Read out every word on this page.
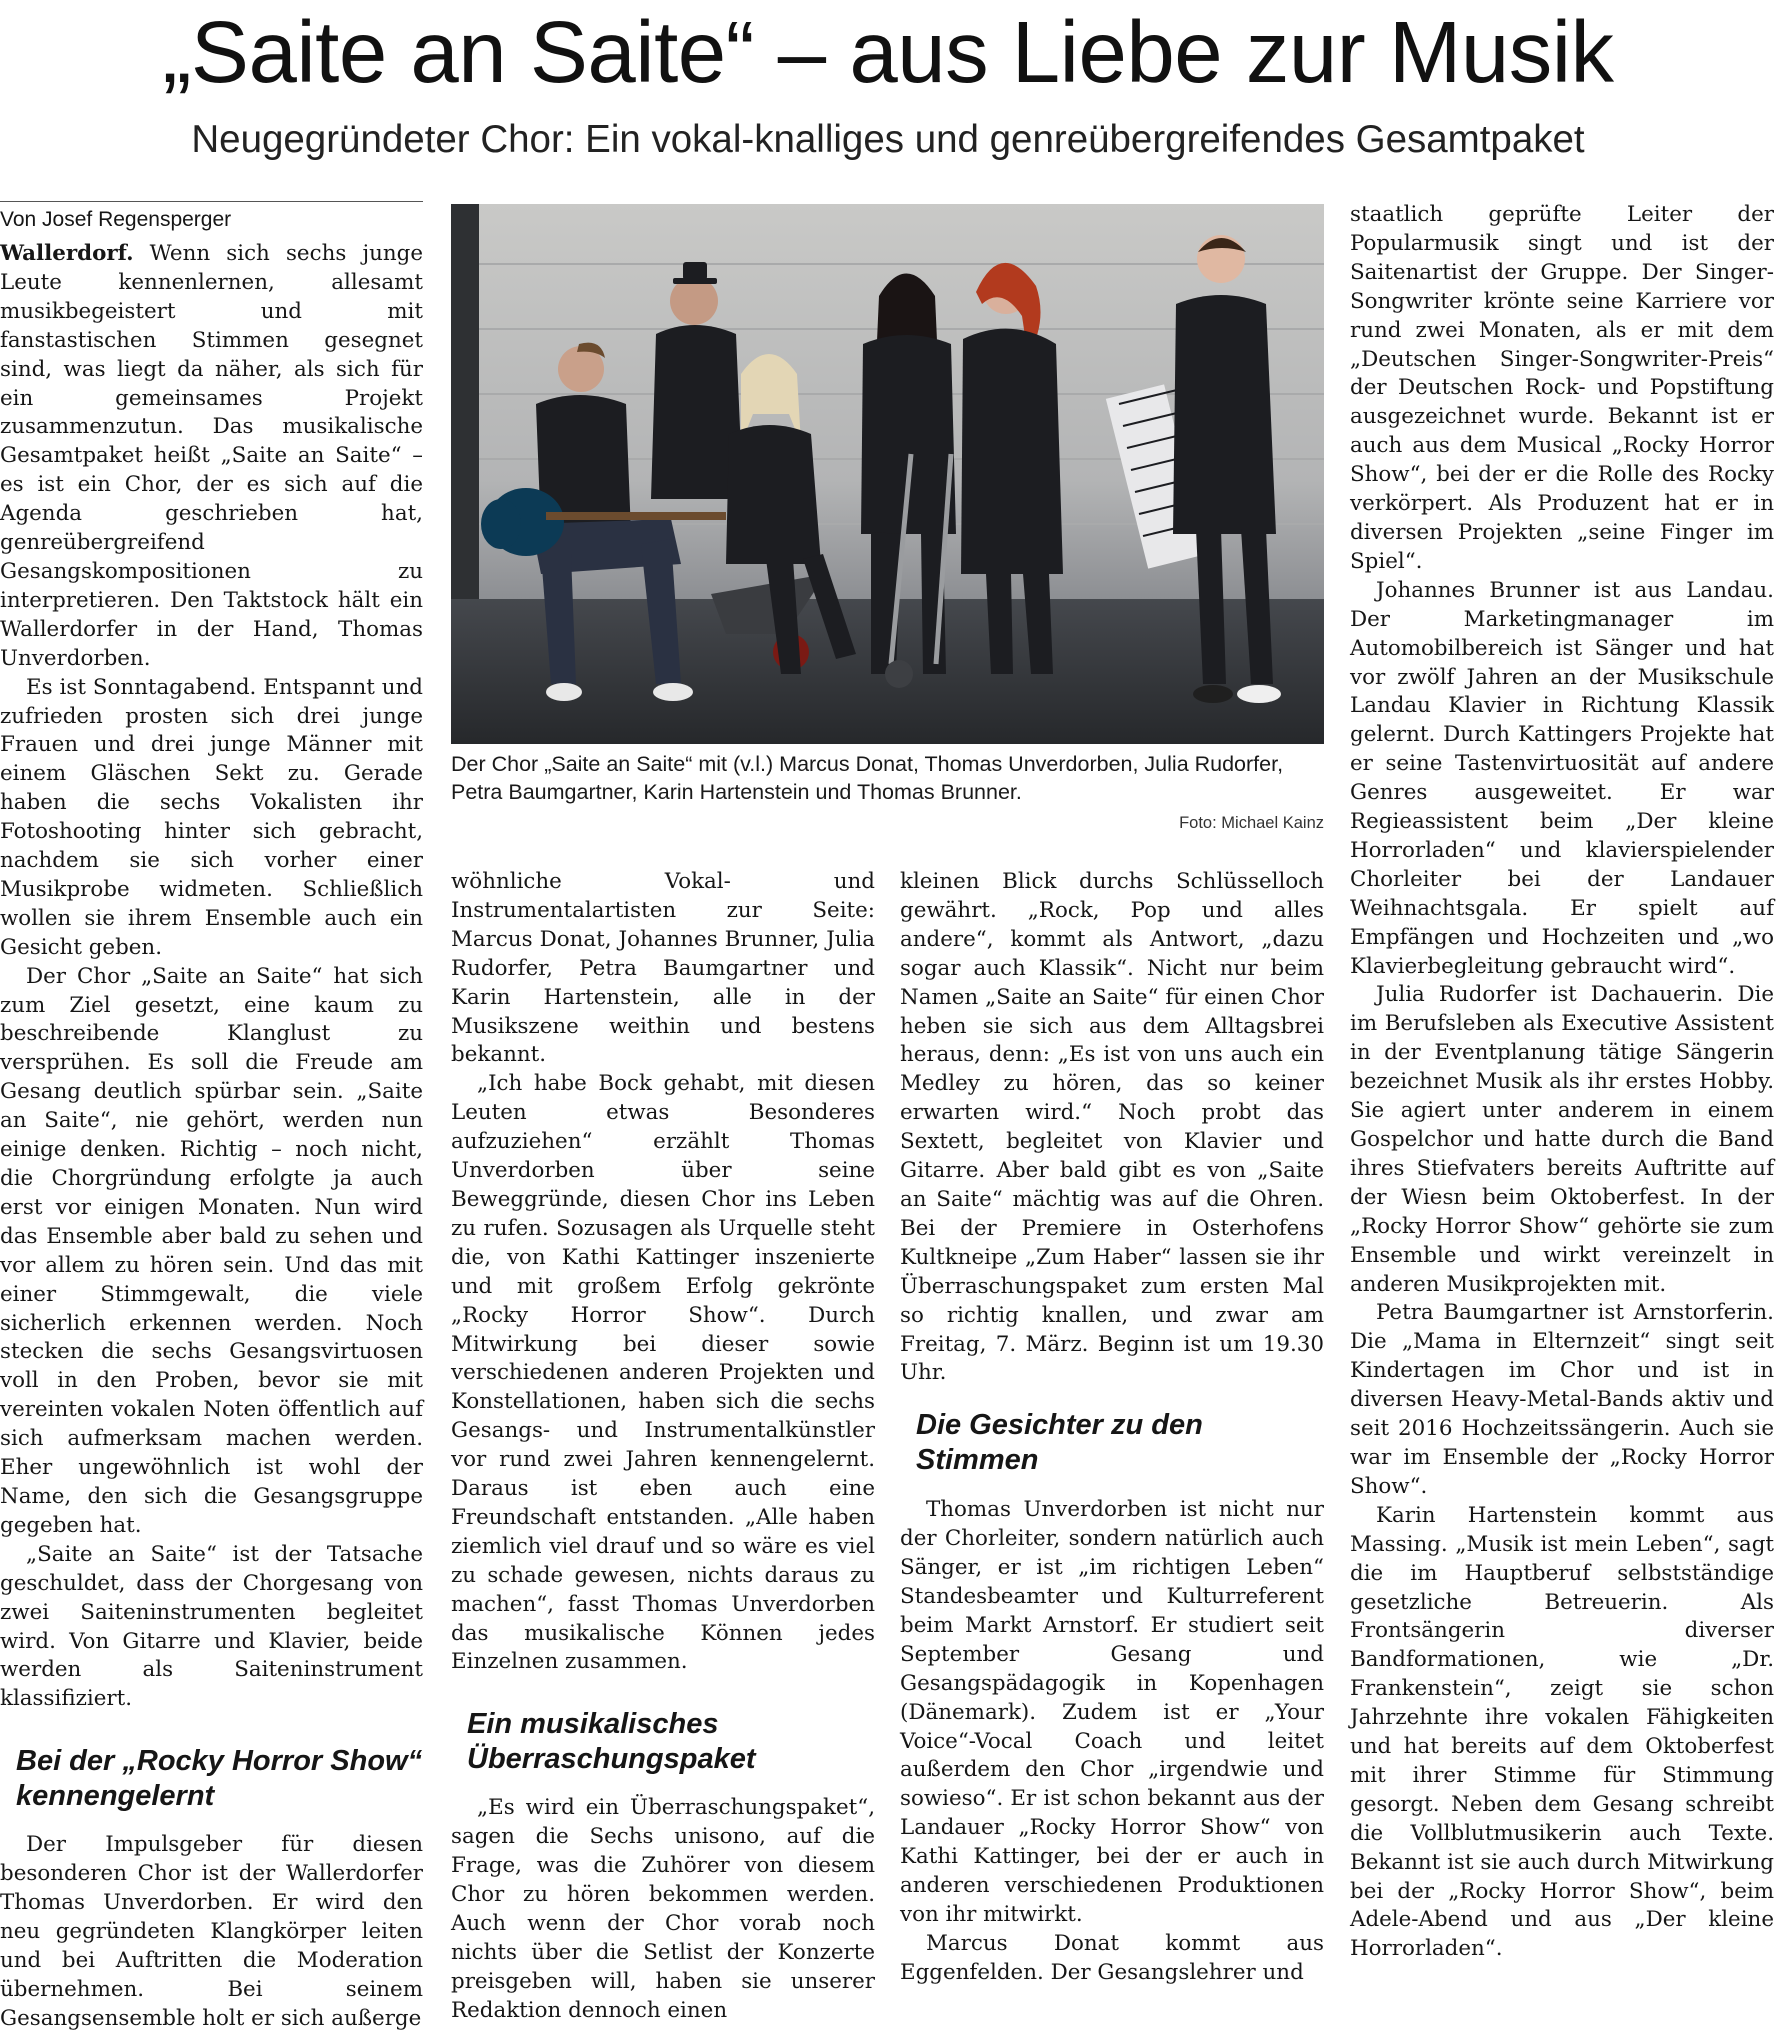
„Saite an Saite“ – aus Liebe zur Musik
Neugegründeter Chor: Ein vokal-knalliges und genreübergreifendes Gesamtpaket
Von Josef Regensperger

Wallerdorf. Wenn sich sechs junge Leute kennenlernen, allesamt musikbegeistert und mit fanstastischen Stimmen gesegnet sind, was liegt da näher, als sich für ein gemeinsames Projekt zusammenzutun. Das musikalische Gesamtpaket heißt „Saite an Saite“ – es ist ein Chor, der es sich auf die Agenda geschrieben hat, genreübergreifend Gesangskompositionen zu interpretieren. Den Taktstock hält ein Wallerdorfer in der Hand, Thomas Unverdorben.

Es ist Sonntagabend. Entspannt und zufrieden prosten sich drei junge Frauen und drei junge Männer mit einem Gläschen Sekt zu. Gerade haben die sechs Vokalisten ihr Fotoshooting hinter sich gebracht, nachdem sie sich vorher einer Musikprobe widmeten. Schließlich wollen sie ihrem Ensemble auch ein Gesicht geben.

Der Chor „Saite an Saite“ hat sich zum Ziel gesetzt, eine kaum zu beschreibende Klanglust zu versprühen. Es soll die Freude am Gesang deutlich spürbar sein. „Saite an Saite“, nie gehört, werden nun einige denken. Richtig – noch nicht, die Chorgründung erfolgte ja auch erst vor einigen Monaten. Nun wird das Ensemble aber bald zu sehen und vor allem zu hören sein. Und das mit einer Stimmgewalt, die viele sicherlich erkennen werden. Noch stecken die sechs Gesangsvirtuosen voll in den Proben, bevor sie mit vereinten vokalen Noten öffentlich auf sich aufmerksam machen werden. Eher ungewöhnlich ist wohl der Name, den sich die Gesangsgruppe gegeben hat.

„Saite an Saite“ ist der Tatsache geschuldet, dass der Chorgesang von zwei Saiteninstrumenten begleitet wird. Von Gitarre und Klavier, beide werden als Saiteninstrument klassifiziert.

Bei der „Rocky Horror Show“ kennengelernt

Der Impulsgeber für diesen besonderen Chor ist der Wallerdorfer Thomas Unverdorben. Er wird den neu gegründeten Klangkörper leiten und bei Auftritten die Moderation übernehmen. Bei seinem Gesangsensemble holt er sich außerge

Der Chor „Saite an Saite“ mit (v.l.) Marcus Donat, Thomas Unverdorben, Julia Rudorfer, Petra Baumgartner, Karin Hartenstein und Thomas Brunner.

Foto: Michael Kainz

wöhnliche Vokal- und Instrumentalartisten zur Seite: Marcus Donat, Johannes Brunner, Julia Rudorfer, Petra Baumgartner und Karin Hartenstein, alle in der Musikszene weithin und bestens bekannt.

„Ich habe Bock gehabt, mit diesen Leuten etwas Besonderes aufzuziehen“ erzählt Thomas Unverdorben über seine Beweggründe, diesen Chor ins Leben zu rufen. Sozusagen als Urquelle steht die, von Kathi Kattinger inszenierte und mit großem Erfolg gekrönte „Rocky Horror Show“. Durch Mitwirkung bei dieser sowie verschiedenen anderen Projekten und Konstellationen, haben sich die sechs Gesangs- und Instrumentalkünstler vor rund zwei Jahren kennengelernt. Daraus ist eben auch eine Freundschaft entstanden. „Alle haben ziemlich viel drauf und so wäre es viel zu schade gewesen, nichts daraus zu machen“, fasst Thomas Unverdorben das musikalische Können jedes Einzelnen zusammen.

Ein musikalisches Überraschungspaket

„Es wird ein Überraschungspaket“, sagen die Sechs unisono, auf die Frage, was die Zuhörer von diesem Chor zu hören bekommen werden. Auch wenn der Chor vorab noch nichts über die Setlist der Konzerte preisgeben will, haben sie unserer Redaktion dennoch einen

kleinen Blick durchs Schlüsselloch gewährt. „Rock, Pop und alles andere“, kommt als Antwort, „dazu sogar auch Klassik“. Nicht nur beim Namen „Saite an Saite“ für einen Chor heben sie sich aus dem Alltagsbrei heraus, denn: „Es ist von uns auch ein Medley zu hören, das so keiner erwarten wird.“ Noch probt das Sextett, begleitet von Klavier und Gitarre. Aber bald gibt es von „Saite an Saite“ mächtig was auf die Ohren. Bei der Premiere in Osterhofens Kultkneipe „Zum Haber“ lassen sie ihr Überraschungspaket zum ersten Mal so richtig knallen, und zwar am Freitag, 7. März. Beginn ist um 19.30 Uhr.

Die Gesichter zu den Stimmen

Thomas Unverdorben ist nicht nur der Chorleiter, sondern natürlich auch Sänger, er ist „im richtigen Leben“ Standesbeamter und Kulturreferent beim Markt Arnstorf. Er studiert seit September Gesang und Gesangspädagogik in Kopenhagen (Dänemark). Zudem ist er „Your Voice“-Vocal Coach und leitet außerdem den Chor „irgendwie und sowieso“. Er ist schon bekannt aus der Landauer „Rocky Horror Show“ von Kathi Kattinger, bei der er auch in anderen verschiedenen Produktionen von ihr mitwirkt.

Marcus Donat kommt aus Eggenfelden. Der Gesangslehrer und

staatlich geprüfte Leiter der Popularmusik singt und ist der Saitenartist der Gruppe. Der Singer-Songwriter krönte seine Karriere vor rund zwei Monaten, als er mit dem „Deutschen Singer-Songwriter-Preis“ der Deutschen Rock- und Popstiftung ausgezeichnet wurde. Bekannt ist er auch aus dem Musical „Rocky Horror Show“, bei der er die Rolle des Rocky verkörpert. Als Produzent hat er in diversen Projekten „seine Finger im Spiel“.

Johannes Brunner ist aus Landau. Der Marketingmanager im Automobilbereich ist Sänger und hat vor zwölf Jahren an der Musikschule Landau Klavier in Richtung Klassik gelernt. Durch Kattingers Projekte hat er seine Tastenvirtuosität auf andere Genres ausgeweitet. Er war Regieassistent beim „Der kleine Horrorladen“ und klavierspielender Chorleiter bei der Landauer Weihnachtsgala. Er spielt auf Empfängen und Hochzeiten und „wo Klavierbegleitung gebraucht wird“.

Julia Rudorfer ist Dachauerin. Die im Berufsleben als Executive Assistent in der Eventplanung tätige Sängerin bezeichnet Musik als ihr erstes Hobby. Sie agiert unter anderem in einem Gospelchor und hatte durch die Band ihres Stiefvaters bereits Auftritte auf der Wiesn beim Oktoberfest. In der „Rocky Horror Show“ gehörte sie zum Ensemble und wirkt vereinzelt in anderen Musikprojekten mit.

Petra Baumgartner ist Arnstorferin. Die „Mama in Elternzeit“ singt seit Kindertagen im Chor und ist in diversen Heavy-Metal-Bands aktiv und seit 2016 Hochzeitssängerin. Auch sie war im Ensemble der „Rocky Horror Show“.

Karin Hartenstein kommt aus Massing. „Musik ist mein Leben“, sagt die im Hauptberuf selbstständige gesetzliche Betreuerin. Als Frontsängerin diverser Bandformationen, wie „Dr. Frankenstein“, zeigt sie schon Jahrzehnte ihre vokalen Fähigkeiten und hat bereits auf dem Oktoberfest mit ihrer Stimme für Stimmung gesorgt. Neben dem Gesang schreibt die Vollblutmusikerin auch Texte. Bekannt ist sie auch durch Mitwirkung bei der „Rocky Horror Show“, beim Adele-Abend und aus „Der kleine Horrorladen“.
